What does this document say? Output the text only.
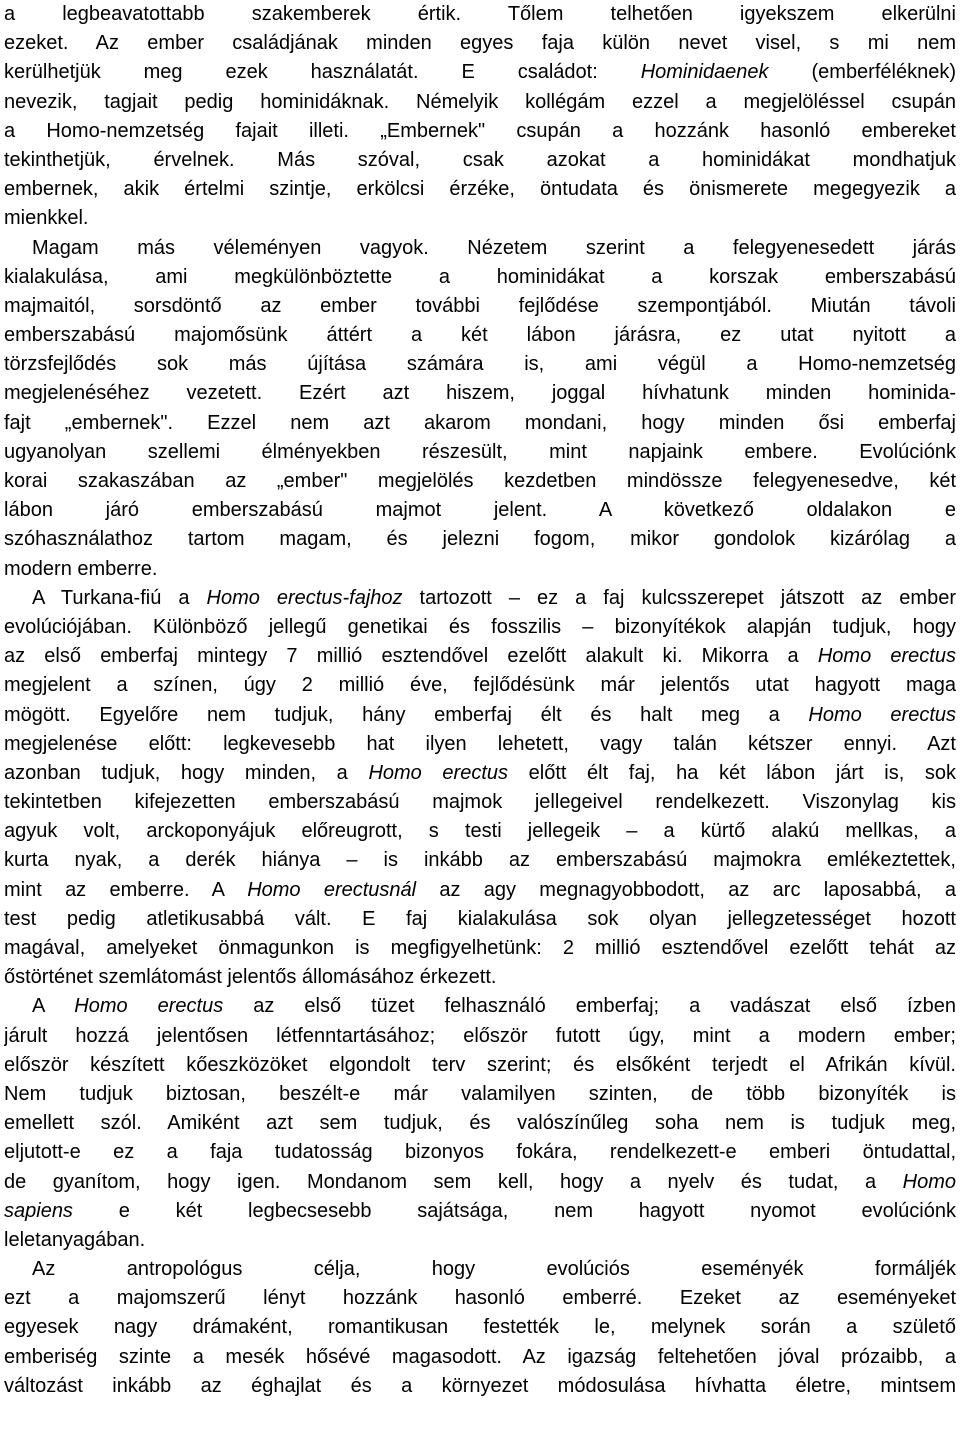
a legbeavatottabb szakemberek értik. Tőlem telhetően igyekszem elkerülni
ezeket. Az ember családjának minden egyes faja külön nevet visel, s mi nem
kerülhetjük meg ezek használatát. E családot: Hominidaenek (emberféléknek)
nevezik, tagjait pedig hominidáknak. Némelyik kollégám ezzel a megjelöléssel csupán
a Homo-nemzetség fajait illeti. „Embernek" csupán a hozzánk hasonló embereket
tekinthetjük, érvelnek. Más szóval, csak azokat a hominidákat mondhatjuk
embernek, akik értelmi szintje, erkölcsi érzéke, öntudata és önismerete megegyezik a
mienkkel.
Magam más véleményen vagyok. Nézetem szerint a felegyenesedett járás
kialakulása, ami megkülönböztette a hominidákat a korszak emberszabású
majmaitól, sorsdöntő az ember további fejlődése szempontjából. Miután távoli
emberszabású majomősünk áttért a két lábon járásra, ez utat nyitott a
törzsfejlődés sok más újítása számára is, ami végül a Homo-nemzetség
megjelenéséhez vezetett. Ezért azt hiszem, joggal hívhatunk minden hominida-
fajt „embernek". Ezzel nem azt akarom mondani, hogy minden ősi emberfaj
ugyanolyan szellemi élményekben részesült, mint napjaink embere. Evolúciónk
korai szakaszában az „ember" megjelölés kezdetben mindössze felegyenesedve, két
lábon járó emberszabású majmot jelent. A következő oldalakon e
szóhasználathoz tartom magam, és jelezni fogom, mikor gondolok kizárólag a
modern emberre.
A Turkana-fiú a Homo erectus-fajhoz tartozott – ez a faj kulcsszerepet játszott az ember
evolúciójában. Különböző jellegű genetikai és fosszilis – bizonyítékok alapján tudjuk, hogy
az első emberfaj mintegy 7 millió esztendővel ezelőtt alakult ki. Mikorra a Homo erectus
megjelent a színen, úgy 2 millió éve, fejlődésünk már jelentős utat hagyott maga
mögött. Egyelőre nem tudjuk, hány emberfaj élt és halt meg a Homo erectus
megjelenése előtt: legkevesebb hat ilyen lehetett, vagy talán kétszer ennyi. Azt
azonban tudjuk, hogy minden, a Homo erectus előtt élt faj, ha két lábon járt is, sok
tekintetben kifejezetten emberszabású majmok jellegeivel rendelkezett. Viszonylag kis
agyuk volt, arckoponyájuk előreugrott, s testi jellegeik – a kürtő alakú mellkas, a
kurta nyak, a derék hiánya – is inkább az emberszabású majmokra emlékeztettek,
mint az emberre. A Homo erectusnál az agy megnagyobbodott, az arc laposabbá, a
test pedig atletikusabbá vált. E faj kialakulása sok olyan jellegzetességet hozott
magával, amelyeket önmagunkon is megfigyelhetünk: 2 millió esztendővel ezelőtt tehát az
őstörténet szemlátomást jelentős állomásához érkezett.
A Homo erectus az első tüzet felhasználó emberfaj; a vadászat első ízben
járult hozzá jelentősen létfenntartásához; először futott úgy, mint a modern ember;
először készített kőeszközöket elgondolt terv szerint; és elsőként terjedt el Afrikán kívül.
Nem tudjuk biztosan, beszélt-e már valamilyen szinten, de több bizonyíték is
emellett szól. Amiként azt sem tudjuk, és valószínűleg soha nem is tudjuk meg,
eljutott-e ez a faja tudatosság bizonyos fokára, rendelkezett-e emberi öntudattal,
de gyanítom, hogy igen. Mondanom sem kell, hogy a nyelv és tudat, a Homo
sapiens e két legbecsesebb sajátsága, nem hagyott nyomot evolúciónk
leletanyagában.
Az antropológus célja, hogy evolúciós eseményék formáljék
ezt a majomszerű lényt hozzánk hasonló emberré. Ezeket az eseményeket
egyesek nagy drámaként, romantikusan festették le, melynek során a születő
emberiség szinte a mesék hősévé magasodott. Az igazság feltehetően jóval prózaibb, a
változást inkább az éghajlat és a környezet módosulása hívhatta életre, mintsem
